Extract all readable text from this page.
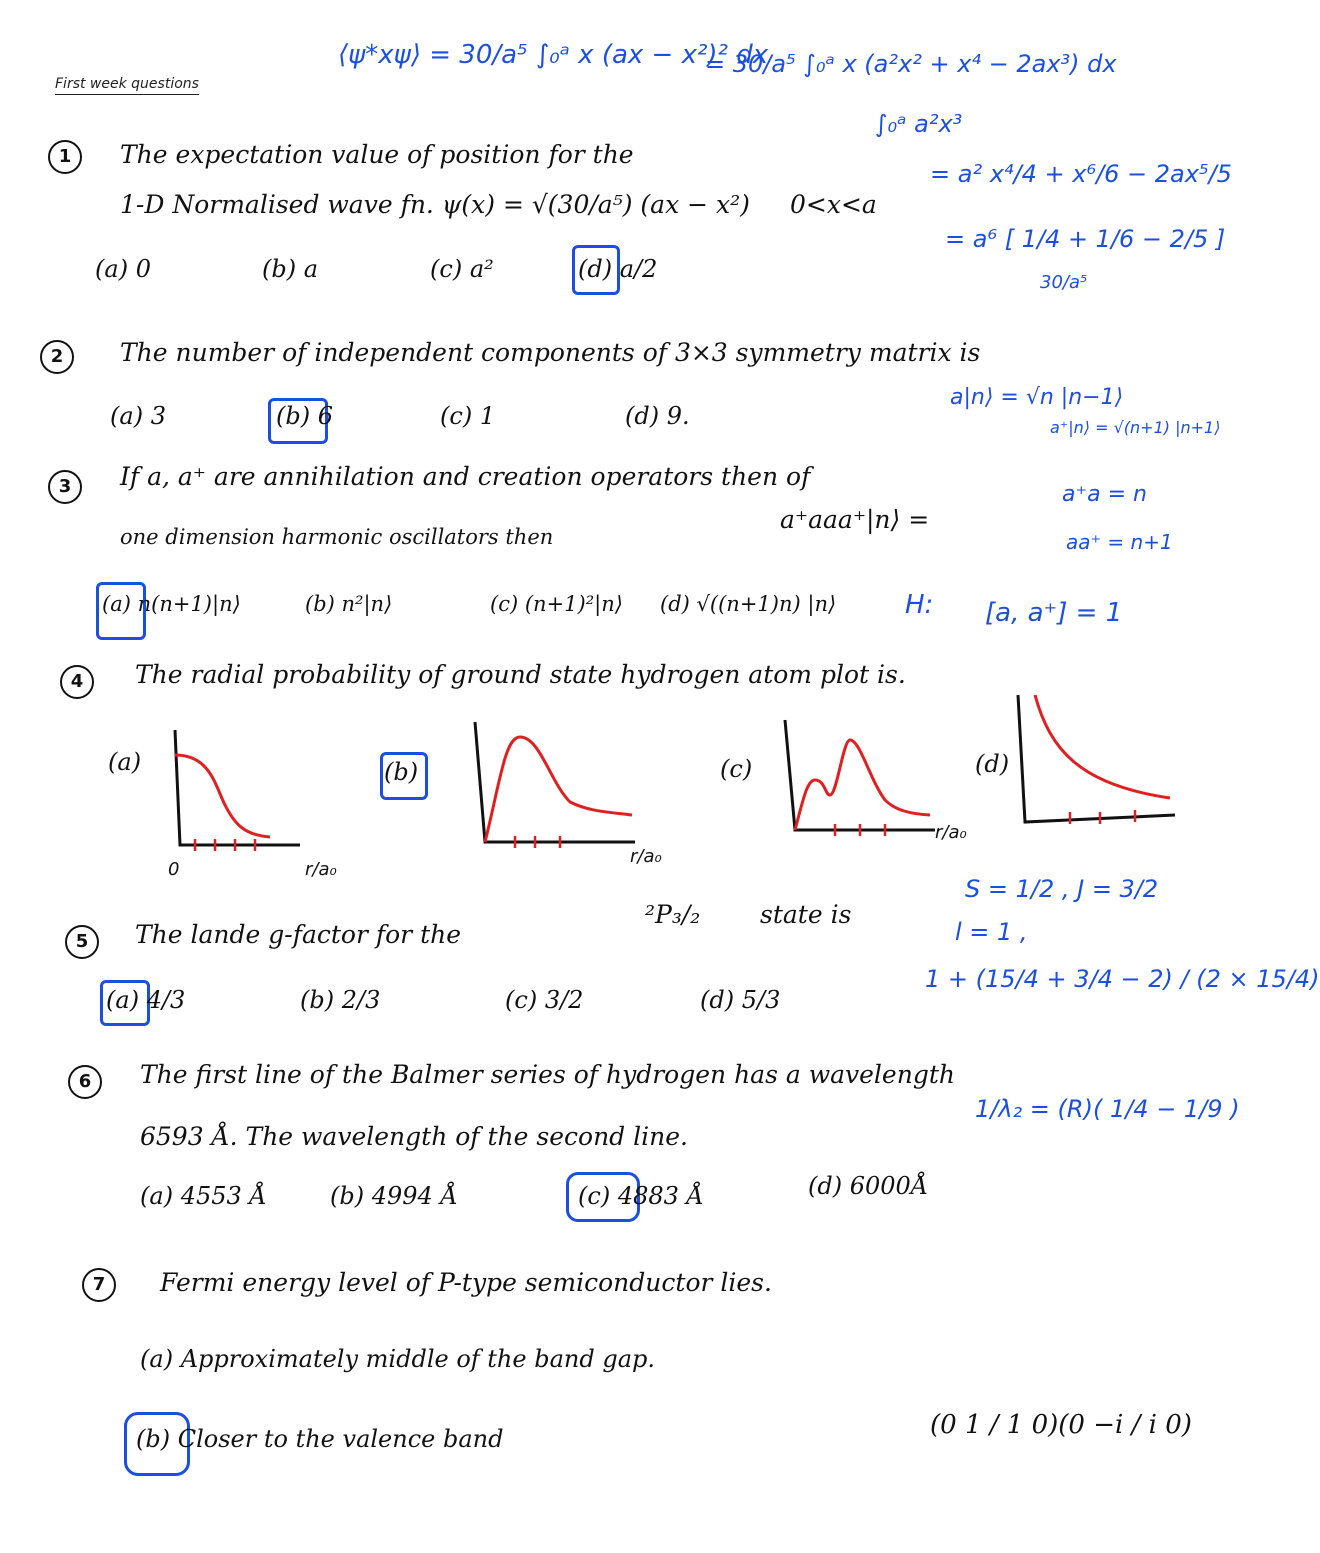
First week questions
⟨ψ*xψ⟩ = 30/a⁵ ∫₀ᵃ x (ax − x²)² dx
= 30/a⁵ ∫₀ᵃ x (a²x² + x⁴ − 2ax³) dx
∫₀ᵃ a²x³
= a² x⁴/4 + x⁶/6 − 2ax⁵/5
= a⁶ [ 1/4 + 1/6 − 2/5 ]
30/a⁵
1	The expectation value of position for the
1-D Normalised wave fn. ψ(x) = √(30/a⁵) (ax − x²) 0<x<a
(a) 0	(b) a	(c) a²	(d) a/2
2	The number of independent components of 3×3 symmetry matrix is
a|n⟩ = √n |n−1⟩
a⁺|n⟩ = √(n+1) |n+1⟩
(a) 3	(b) 6	(c) 1	(d) 9.
3	If a, a⁺ are annihilation and creation operators then of
one dimension harmonic oscillators then
a⁺aaa⁺|n⟩ =
a⁺a = n
aa⁺ = n+1
(a) n(n+1)|n⟩	(b) n²|n⟩	(c) (n+1)²|n⟩ (d) √((n+1)n) |n⟩	H: [a, a⁺] = 1
4	The radial probability of ground state hydrogen atom plot is.
(a)
0	r/a₀
(b)
r/a₀
(c)
r/a₀
(d)
S = 1/2 , J = 3/2
l = 1 ,
1 + (15/4 + 3/4 − 2) / (2 × 15/4)
5	The lande g-factor for the
²P₃/₂ state is
(a) 4/3	(b) 2/3	(c) 3/2	(d) 5/3
6	The first line of the Balmer series of hydrogen has a wavelength
6593 Å. The wavelength of the second line.
1/λ₂ = (R)( 1/4 − 1/9 )
(a) 4553 Å	(b) 4994 Å	(c) 4883 Å	(d) 6000Å
7	Fermi energy level of P-type semiconductor lies.
(a) Approximately middle of the band gap.
(b) Closer to the valence band	(0 1 / 1 0)(0 −i / i 0)
